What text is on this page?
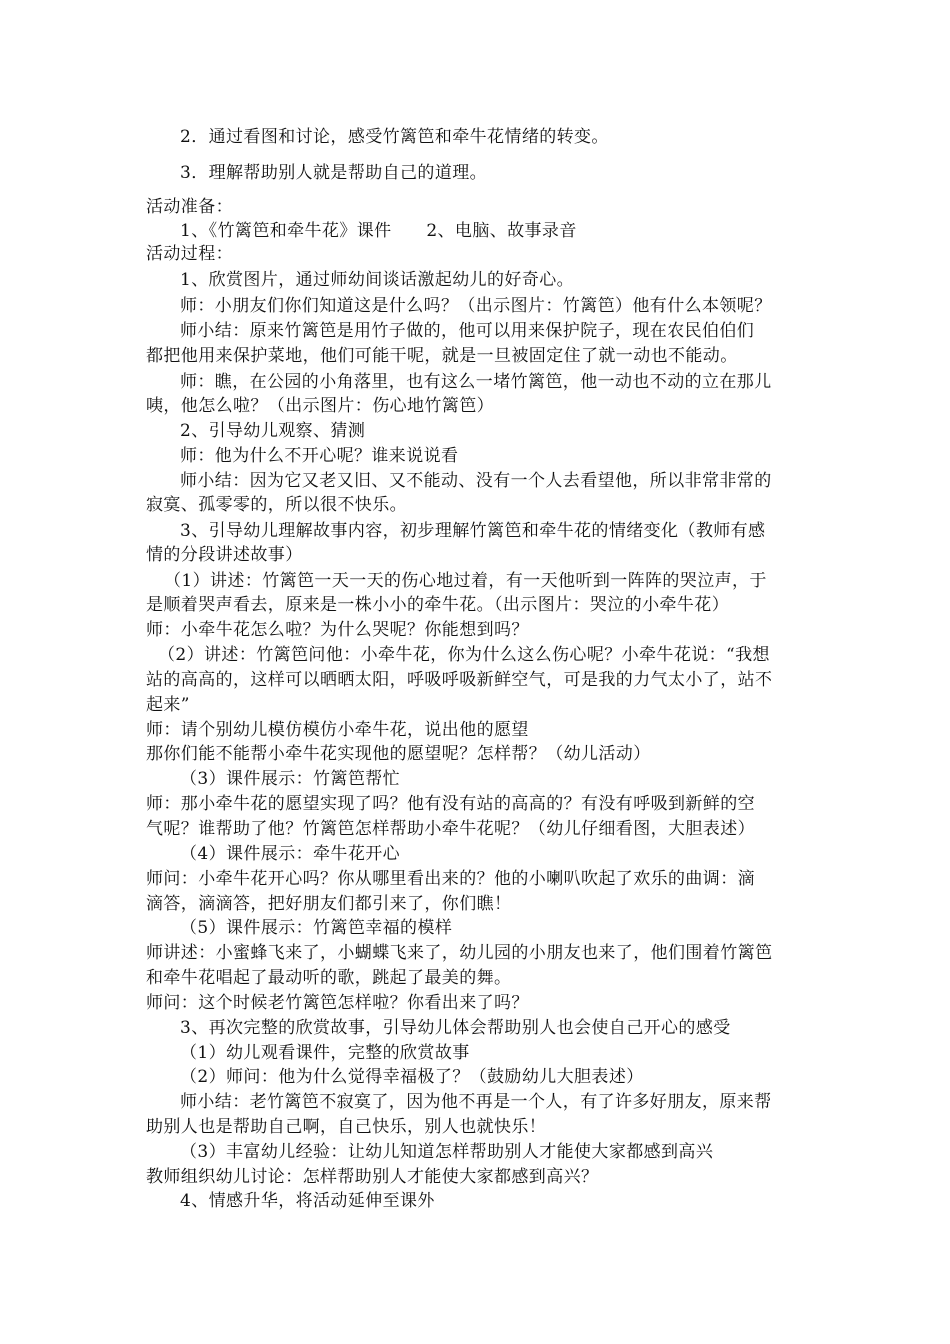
2．通过看图和讨论，感受竹篱笆和牵牛花情绪的转变。
3．理解帮助别人就是帮助自己的道理。
活动准备：
1、《竹篱笆和牵牛花》课件　　2、电脑、故事录音
活动过程：
1、欣赏图片，通过师幼间谈话激起幼儿的好奇心。
师：小朋友们你们知道这是什么吗？（出示图片：竹篱笆）他有什么本领呢？
师小结：原来竹篱笆是用竹子做的，他可以用来保护院子，现在农民伯伯们
都把他用来保护菜地，他们可能干呢，就是一旦被固定住了就一动也不能动。
师：瞧，在公园的小角落里，也有这么一堵竹篱笆，他一动也不动的立在那儿
咦，他怎么啦？（出示图片：伤心地竹篱笆）
2、引导幼儿观察、猜测
师：他为什么不开心呢？谁来说说看
师小结：因为它又老又旧、又不能动、没有一个人去看望他，所以非常非常的
寂寞、孤零零的，所以很不快乐。
3、引导幼儿理解故事内容，初步理解竹篱笆和牵牛花的情绪变化（教师有感
情的分段讲述故事）
（1）讲述：竹篱笆一天一天的伤心地过着，有一天他听到一阵阵的哭泣声，于
是顺着哭声看去，原来是一株小小的牵牛花。（出示图片：哭泣的小牵牛花）
师：小牵牛花怎么啦？为什么哭呢？你能想到吗？
（2）讲述：竹篱笆问他：小牵牛花，你为什么这么伤心呢？小牵牛花说：“我想
站的高高的，这样可以晒晒太阳，呼吸呼吸新鲜空气，可是我的力气太小了，站不
起来”
师：请个别幼儿模仿模仿小牵牛花，说出他的愿望
那你们能不能帮小牵牛花实现他的愿望呢？怎样帮？（幼儿活动）
（3）课件展示：竹篱笆帮忙
师：那小牵牛花的愿望实现了吗？他有没有站的高高的？有没有呼吸到新鲜的空
气呢？谁帮助了他？竹篱笆怎样帮助小牵牛花呢？（幼儿仔细看图，大胆表述）
（4）课件展示：牵牛花开心
师问：小牵牛花开心吗？你从哪里看出来的？他的小喇叭吹起了欢乐的曲调：滴
滴答，滴滴答，把好朋友们都引来了，你们瞧！
（5）课件展示：竹篱笆幸福的模样
师讲述：小蜜蜂飞来了，小蝴蝶飞来了，幼儿园的小朋友也来了，他们围着竹篱笆
和牵牛花唱起了最动听的歌，跳起了最美的舞。
师问：这个时候老竹篱笆怎样啦？你看出来了吗？
3、再次完整的欣赏故事，引导幼儿体会帮助别人也会使自己开心的感受
（1）幼儿观看课件，完整的欣赏故事
（2）师问：他为什么觉得幸福极了？（鼓励幼儿大胆表述）
师小结：老竹篱笆不寂寞了，因为他不再是一个人，有了许多好朋友，原来帮
助别人也是帮助自己啊，自己快乐，别人也就快乐！
（3）丰富幼儿经验：让幼儿知道怎样帮助别人才能使大家都感到高兴
教师组织幼儿讨论：怎样帮助别人才能使大家都感到高兴？
4、情感升华，将活动延伸至课外
